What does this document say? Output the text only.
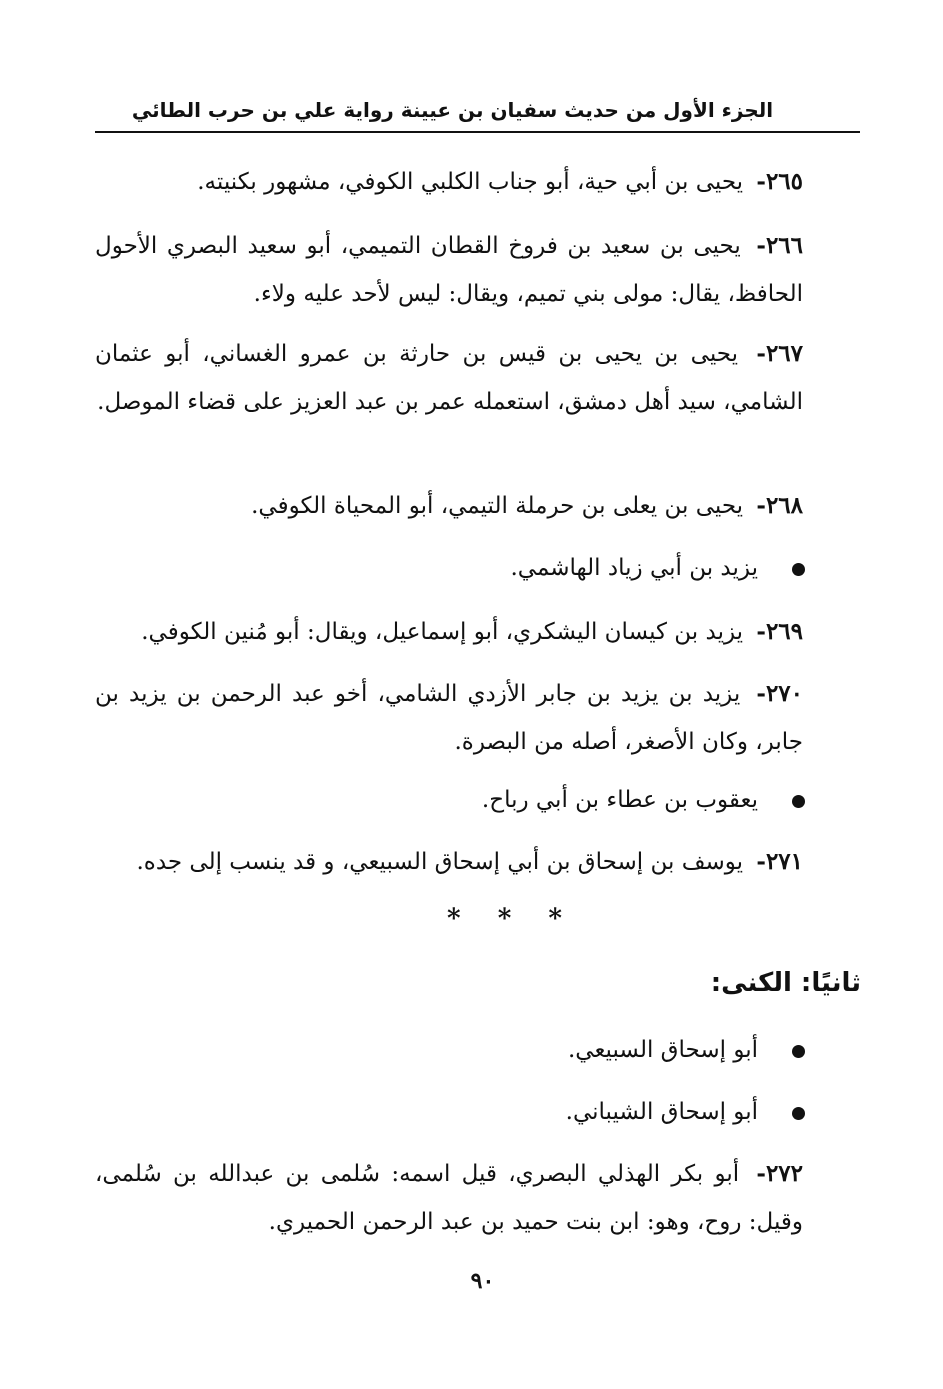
الجزء الأول من حديث سفيان بن عيينة رواية علي بن حرب الطائي
٢٦٥- يحيى بن أبي حية، أبو جناب الكلبي الكوفي، مشهور بكنيته.
٢٦٦- يحيى بن سعيد بن فروخ القطان التميمي، أبو سعيد البصري الأحول الحافظ، يقال: مولى بني تميم، ويقال: ليس لأحد عليه ولاء.
٢٦٧- يحيى بن يحيى بن قيس بن حارثة بن عمرو الغساني، أبو عثمان الشامي، سيد أهل دمشق، استعمله عمر بن عبد العزيز على قضاء الموصل.
٢٦٨- يحيى بن يعلى بن حرملة التيمي، أبو المحياة الكوفي.
يزيد بن أبي زياد الهاشمي.
٢٦٩- يزيد بن كيسان اليشكري، أبو إسماعيل، ويقال: أبو مُنين الكوفي.
٢٧٠- يزيد بن يزيد بن جابر الأزدي الشامي، أخو عبد الرحمن بن يزيد بن جابر، وكان الأصغر، أصله من البصرة.
يعقوب بن عطاء بن أبي رباح.
٢٧١- يوسف بن إسحاق بن أبي إسحاق السبيعي، و قد ينسب إلى جده.
* * *
ثانيًا: الكنى:
أبو إسحاق السبيعي.
أبو إسحاق الشيباني.
٢٧٢- أبو بكر الهذلي البصري، قيل اسمه: سُلمى بن عبدالله بن سُلمى، وقيل: روح، وهو: ابن بنت حميد بن عبد الرحمن الحميري.
٩٠
